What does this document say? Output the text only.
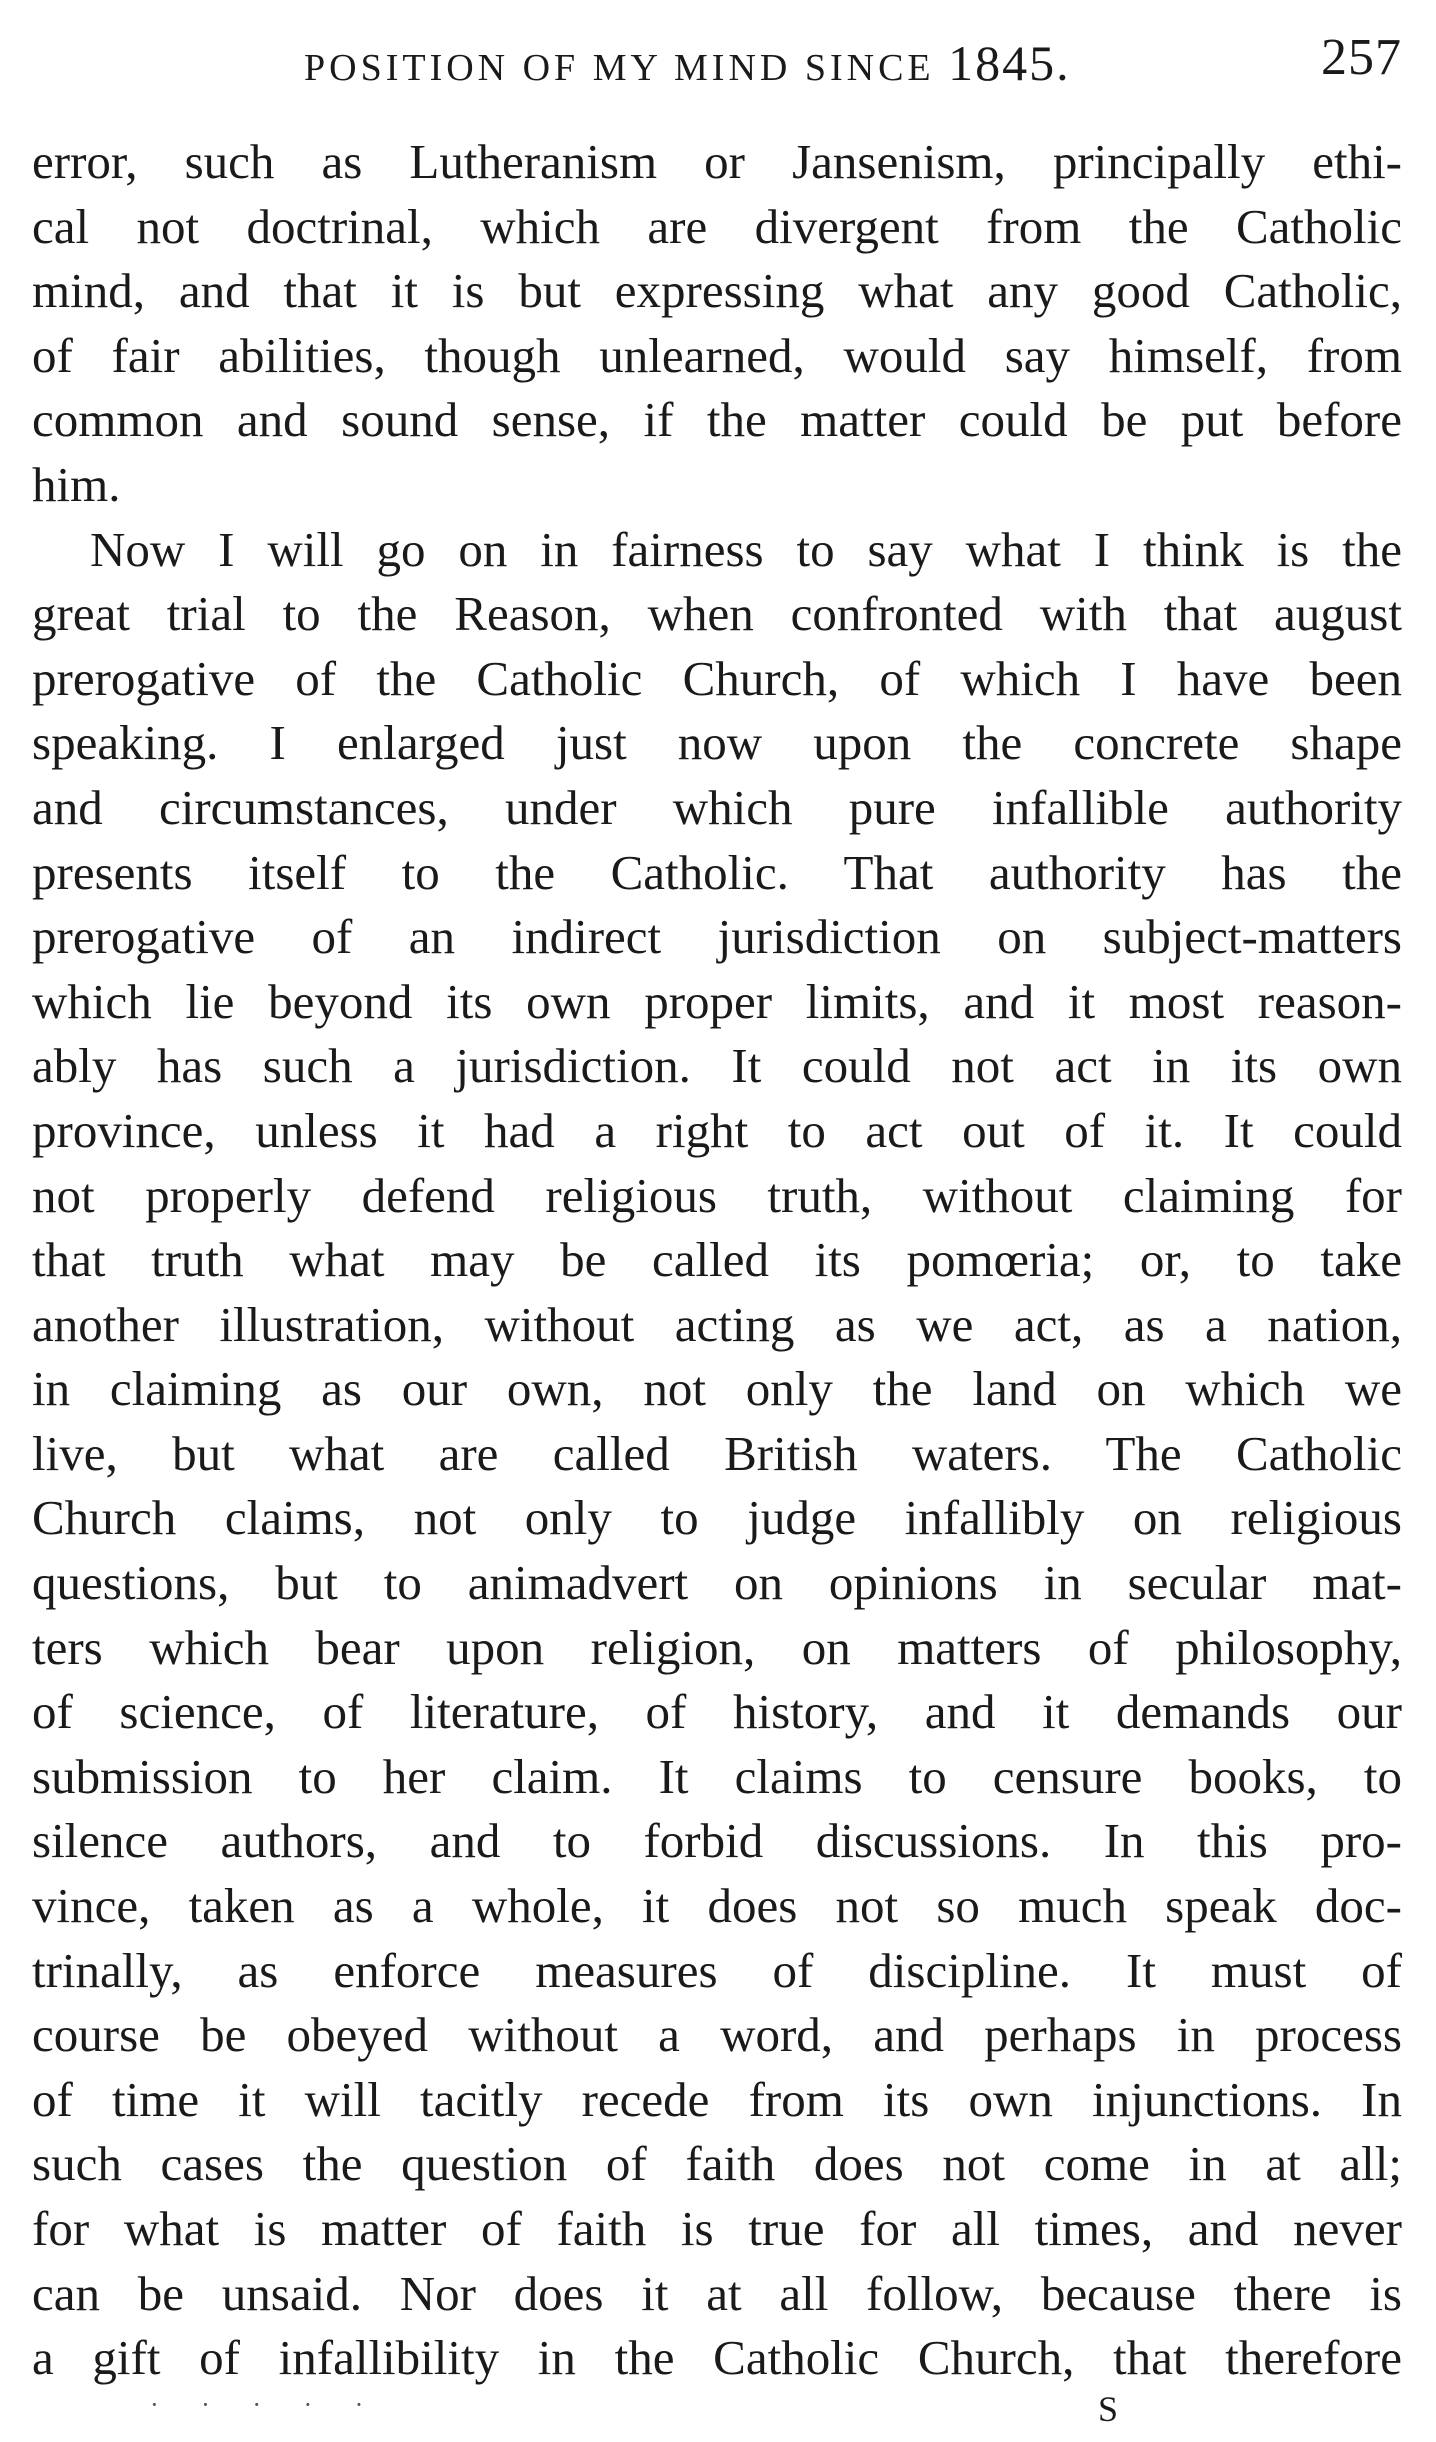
POSITION OF MY MIND SINCE 1845.	257
error, such as Lutheranism or Jansenism, principally ethi-
cal not doctrinal, which are divergent from the Catholic
mind, and that it is but expressing what any good Catholic,
of fair abilities, though unlearned, would say himself, from
common and sound sense, if the matter could be put before
him.
Now I will go on in fairness to say what I think is the
great trial to the Reason, when confronted with that august
prerogative of the Catholic Church, of which I have been
speaking. I enlarged just now upon the concrete shape
and circumstances, under which pure infallible authority
presents itself to the Catholic. That authority has the
prerogative of an indirect jurisdiction on subject-matters
which lie beyond its own proper limits, and it most reason-
ably has such a jurisdiction. It could not act in its own
province, unless it had a right to act out of it. It could
not properly defend religious truth, without claiming for
that truth what may be called its pomœria; or, to take
another illustration, without acting as we act, as a nation,
in claiming as our own, not only the land on which we
live, but what are called British waters. The Catholic
Church claims, not only to judge infallibly on religious
questions, but to animadvert on opinions in secular mat-
ters which bear upon religion, on matters of philosophy,
of science, of literature, of history, and it demands our
submission to her claim. It claims to censure books, to
silence authors, and to forbid discussions. In this pro-
vince, taken as a whole, it does not so much speak doc-
trinally, as enforce measures of discipline. It must of
course be obeyed without a word, and perhaps in process
of time it will tacitly recede from its own injunctions. In
such cases the question of faith does not come in at all;
for what is matter of faith is true for all times, and never
can be unsaid. Nor does it at all follow, because there is
a gift of infallibility in the Catholic Church, that therefore
· · · · ·	S
